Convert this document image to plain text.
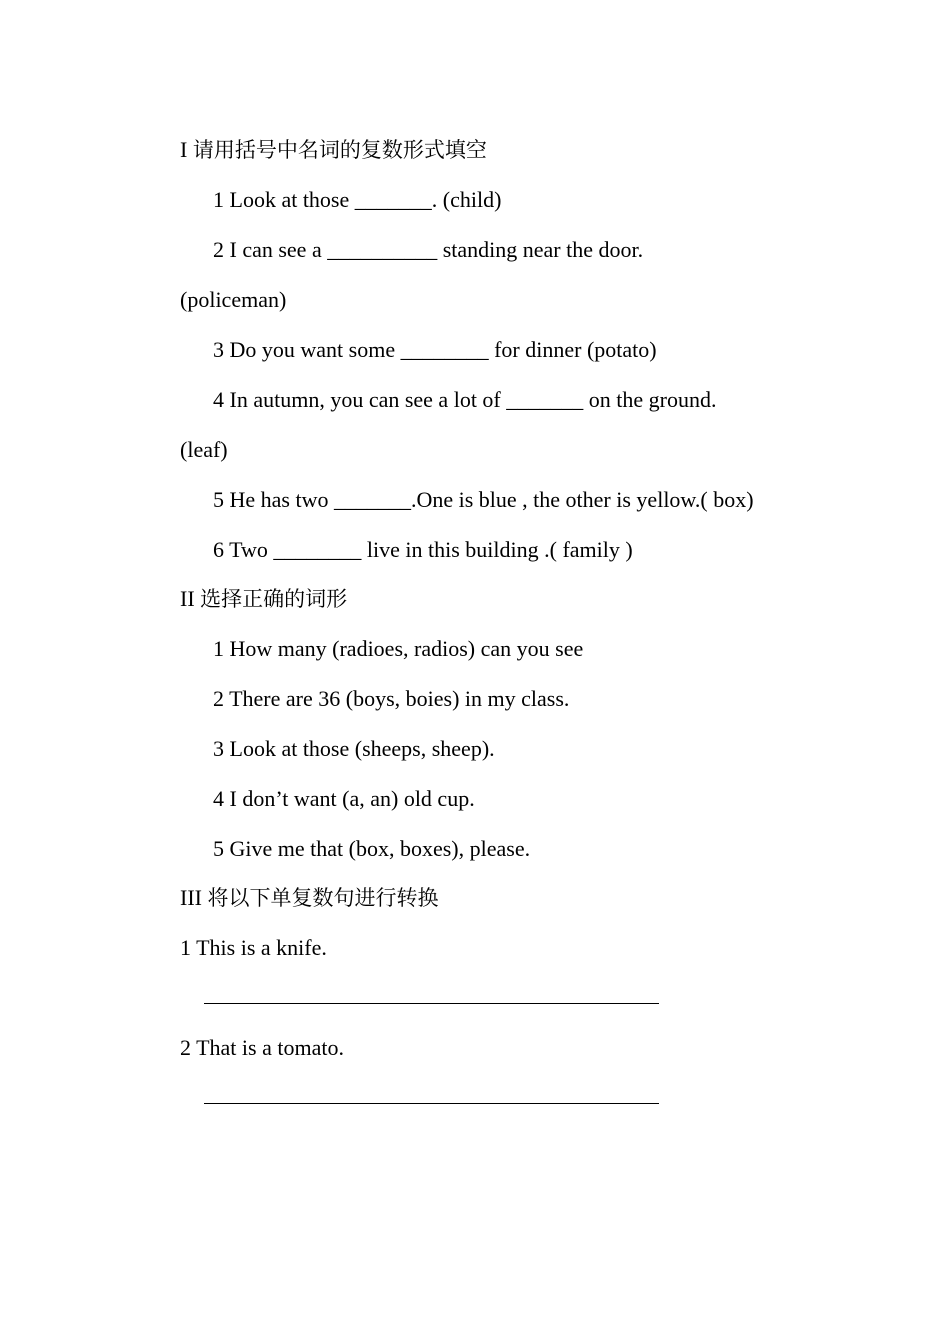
I 请用括号中名词的复数形式填空
1 Look at those _______. (child)
2 I can see a __________ standing near the door.
(policeman)
3 Do you want some ________ for dinner (potato)
4 In autumn, you can see a lot of _______ on the ground.
(leaf)
5 He has two _______.One is blue , the other is yellow.( box)
6 Two ________ live in this building .( family )
II 选择正确的词形
1 How many (radioes, radios) can you see
2 There are 36 (boys, boies) in my class.
3 Look at those (sheeps, sheep).
4 I don’t want (a, an) old cup.
5 Give me that (box, boxes), please.
III 将以下单复数句进行转换
1 This is a knife.
2 That is a tomato.
